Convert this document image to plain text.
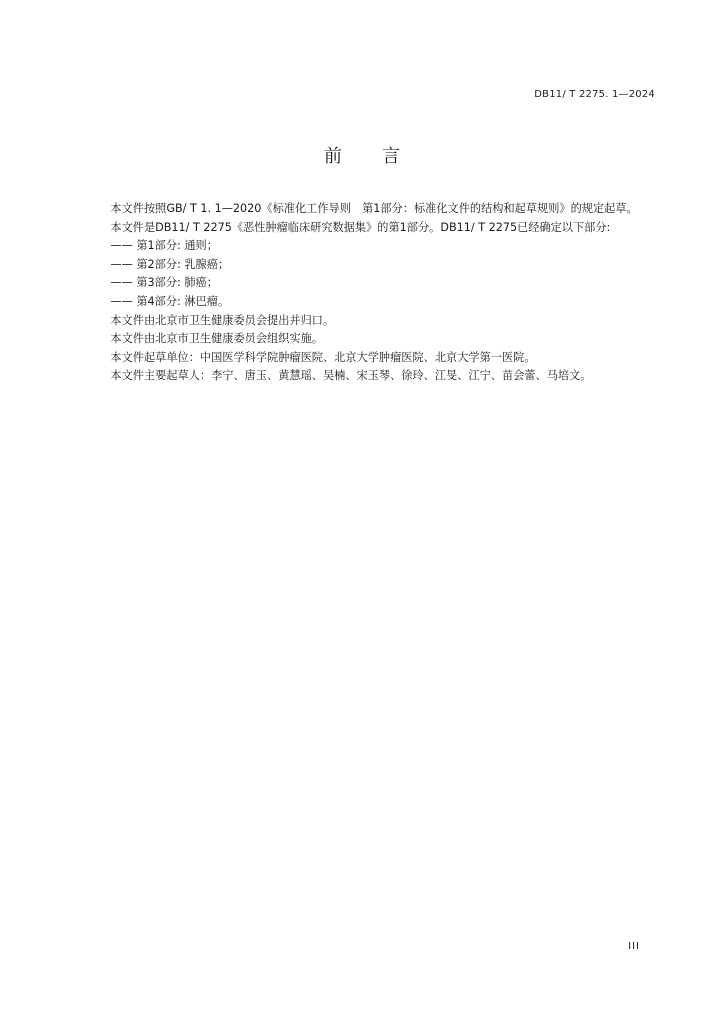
DB11/ T 2275. 1—2024
前言

本文件按照GB/ T 1. 1—2020《标准化工作导则　第1部分：标准化文件的结构和起草规则》的规定起草。

本文件是DB11/ T 2275《恶性肿瘤临床研究数据集》的第1部分。DB11/ T 2275已经确定以下部分:

—— 第1部分: 通则；

—— 第2部分: 乳腺癌；

—— 第3部分: 肺癌；

—— 第4部分: 淋巴瘤。

本文件由北京市卫生健康委员会提出并归口。

本文件由北京市卫生健康委员会组织实施。

本文件起草单位：中国医学科学院肿瘤医院、北京大学肿瘤医院、北京大学第一医院。

本文件主要起草人：李宁、唐玉、黄慧瑶、吴楠、宋玉琴、徐玲、江旻、江宁、苗会蕾、马培文。

III
